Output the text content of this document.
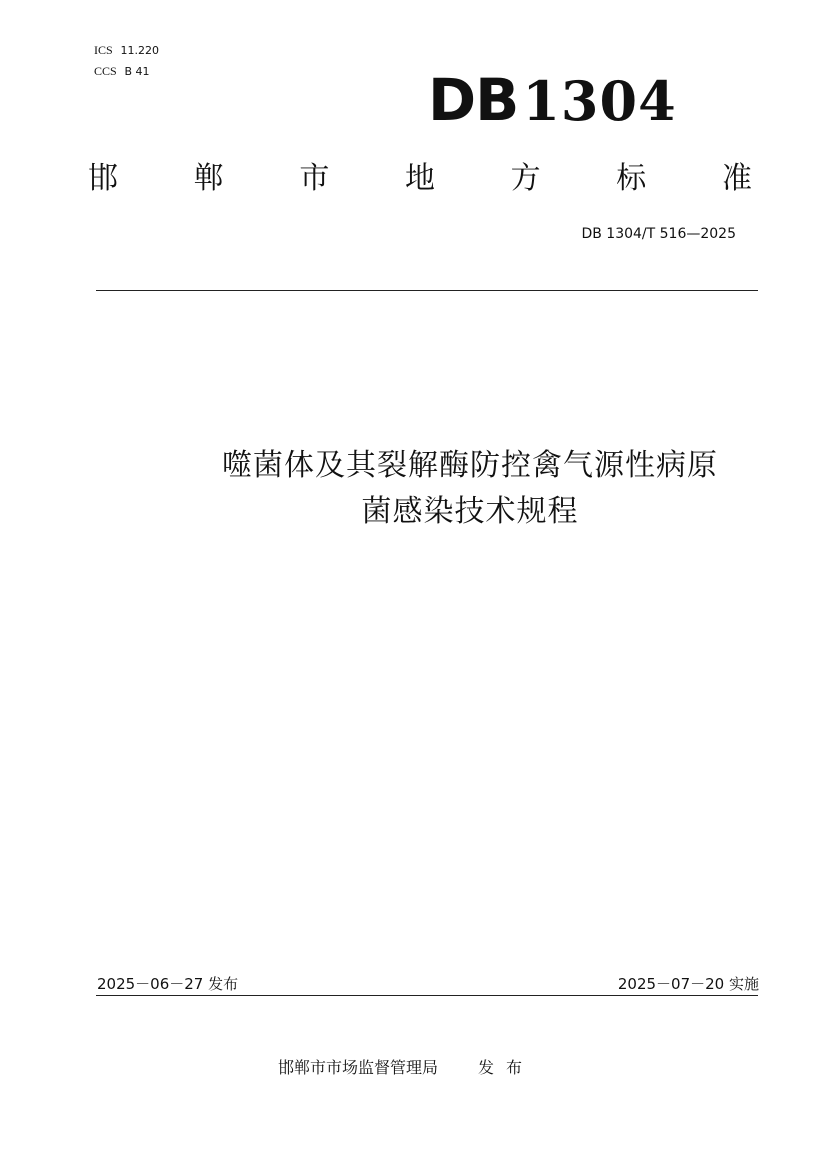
ICS 11.220
CCS B 41	DB1304
邯	郸	市	地	方	标	准
DB 1304/T 516—2025
噬菌体及其裂解酶防控禽气源性病原
菌感染技术规程
2025－06－27 发布	2025－07－20 实施
邯郸市市场监督管理局	发布
